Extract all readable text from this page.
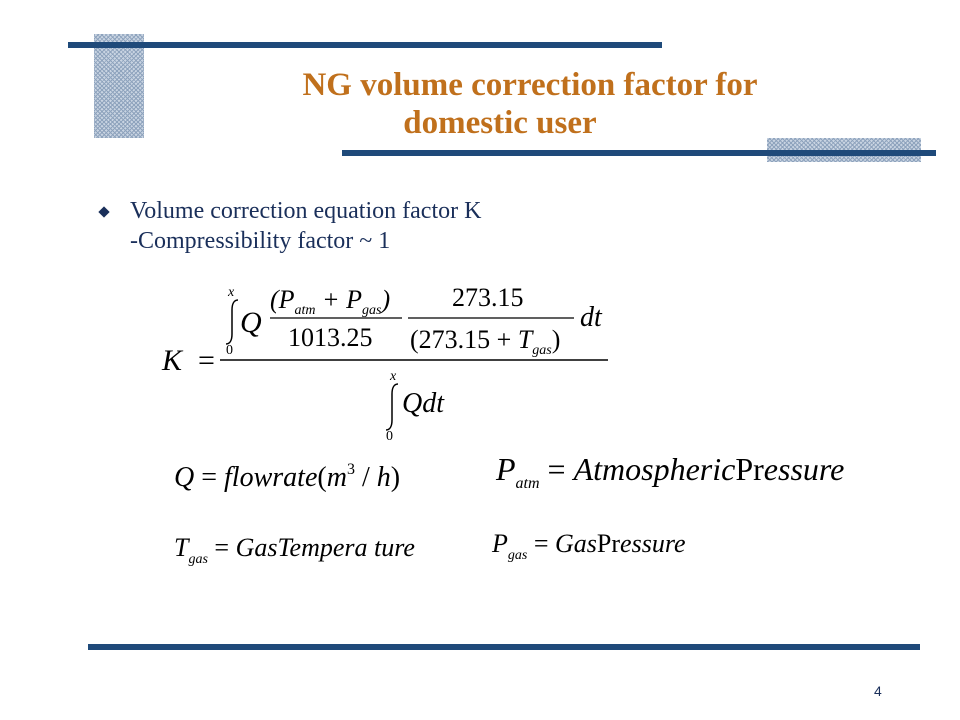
NG volume correction factor for
domestic user
Volume correction equation factor K
-Compressibility factor ~ 1
K =
x
0
Q
$(P_{atm} + P_{gas})$
1013.25
273.15
$(273.15 + T_{gas})$
dt
x
0
Qdt
$Q = flowrate(m^3 / h)$	$P_{atm}$ = AtmosphericPressure
$T_{gas}$ = GasTempera ture	$P_{gas}$ = GasPressure
4
